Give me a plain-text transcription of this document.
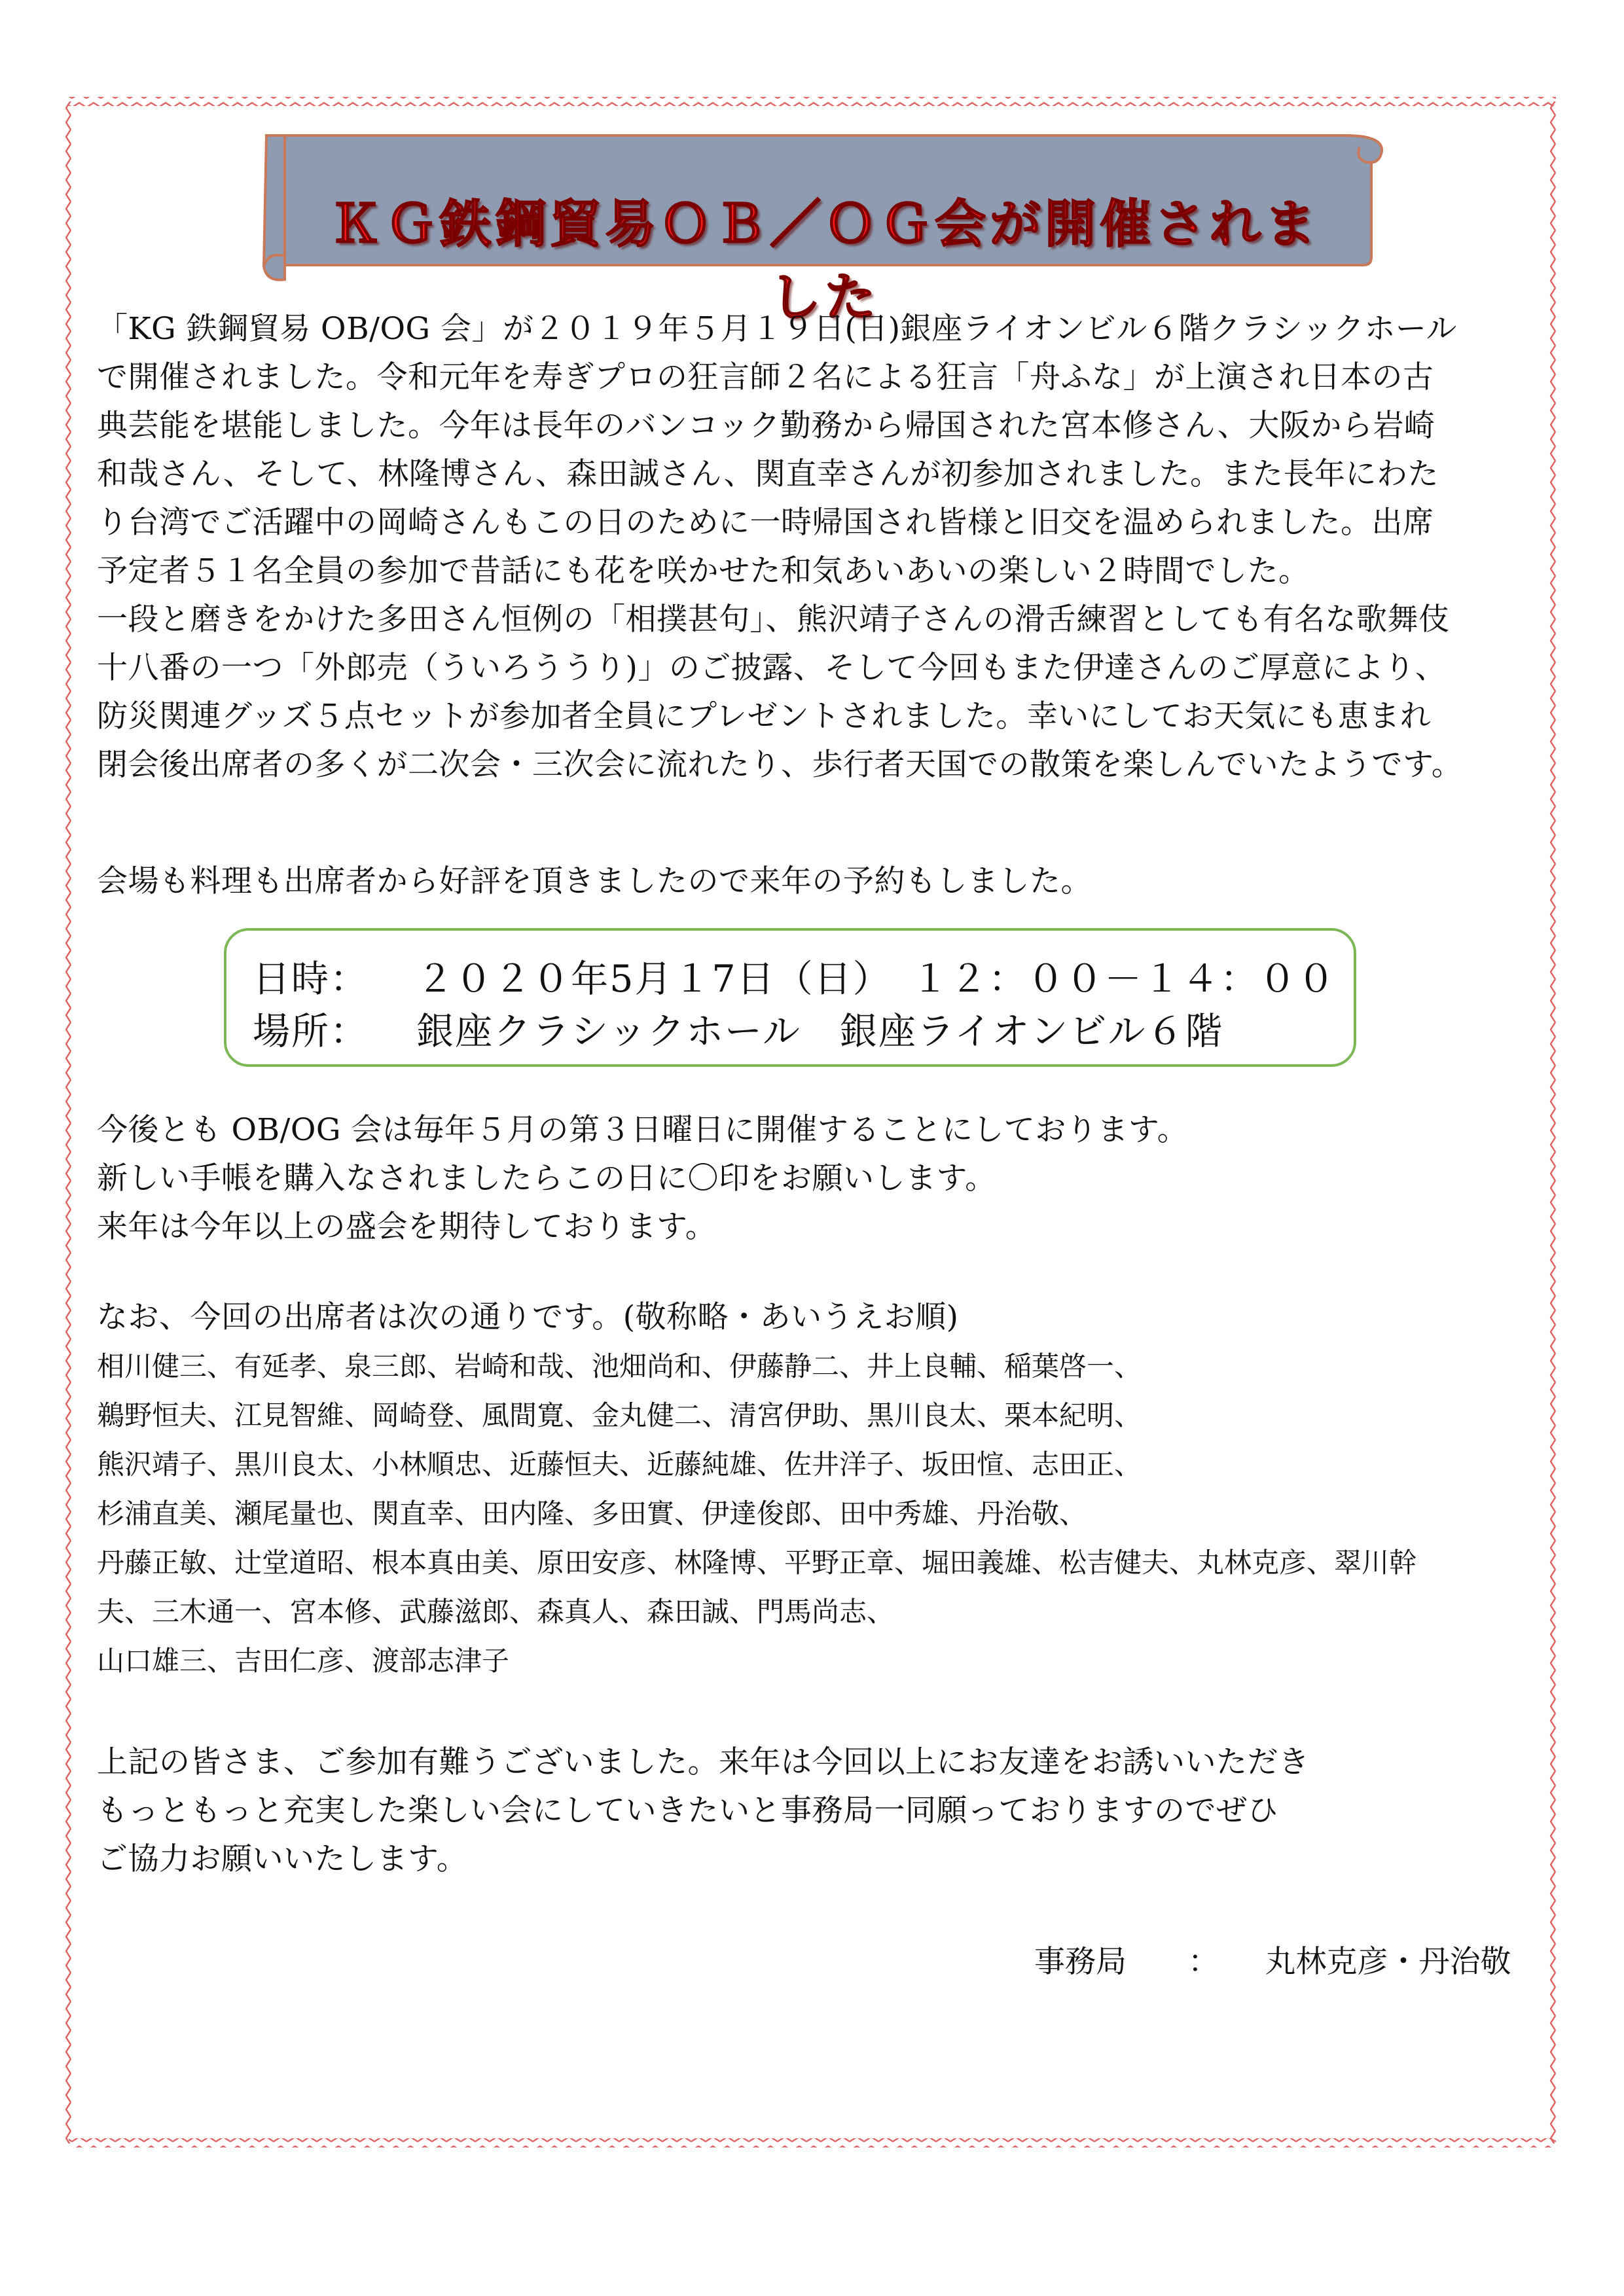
ＫＧ鉄鋼貿易ＯＢ／ＯＧ会が開催されました

「KG 鉄鋼貿易 OB/OG 会」が２０１９年５月１９日(日)銀座ライオンビル６階クラシックホール
で開催されました。令和元年を寿ぎプロの狂言師２名による狂言「舟ふな」が上演され日本の古
典芸能を堪能しました。今年は長年のバンコック勤務から帰国された宮本修さん、大阪から岩崎
和哉さん、そして、林隆博さん、森田誠さん、関直幸さんが初参加されました。また長年にわた
り台湾でご活躍中の岡崎さんもこの日のために一時帰国され皆様と旧交を温められました。出席
予定者５１名全員の参加で昔話にも花を咲かせた和気あいあいの楽しい２時間でした。
一段と磨きをかけた多田さん恒例の「相撲甚句」、熊沢靖子さんの滑舌練習としても有名な歌舞伎
十八番の一つ「外郎売（ういろううり)」のご披露、そして今回もまた伊達さんのご厚意により、
防災関連グッズ５点セットが参加者全員にプレゼントされました。幸いにしてお天気にも恵まれ
閉会後出席者の多くが二次会・三次会に流れたり、歩行者天国での散策を楽しんでいたようです。

会場も料理も出席者から好評を頂きましたので来年の予約もしました。

日時： ２０２０年5月１7日（日）　１２：００－１４：００
場所： 銀座クラシックホール　銀座ライオンビル６階

今後とも OB/OG 会は毎年５月の第３日曜日に開催することにしております。
新しい手帳を購入なされましたらこの日に〇印をお願いします。
来年は今年以上の盛会を期待しております。

なお、今回の出席者は次の通りです。(敬称略・あいうえお順)

相川健三、有延孝、泉三郎、岩崎和哉、池畑尚和、伊藤静二、井上良輔、稲葉啓一、
鵜野恒夫、江見智維、岡崎登、風間寛、金丸健二、清宮伊助、黒川良太、栗本紀明、
熊沢靖子、黒川良太、小林順忠、近藤恒夫、近藤純雄、佐井洋子、坂田愃、志田正、
杉浦直美、瀬尾量也、関直幸、田内隆、多田實、伊達俊郎、田中秀雄、丹治敬、
丹藤正敏、辻堂道昭、根本真由美、原田安彦、林隆博、平野正章、堀田義雄、松吉健夫、丸林克彦、翠川幹
夫、三木通一、宮本修、武藤滋郎、森真人、森田誠、門馬尚志、
山口雄三、吉田仁彦、渡部志津子

上記の皆さま、ご参加有難うございました。来年は今回以上にお友達をお誘いいただき
もっともっと充実した楽しい会にしていきたいと事務局一同願っておりますのでぜひ
ご協力お願いいたします。

事務局　　 ：　　 丸林克彦・丹治敬
